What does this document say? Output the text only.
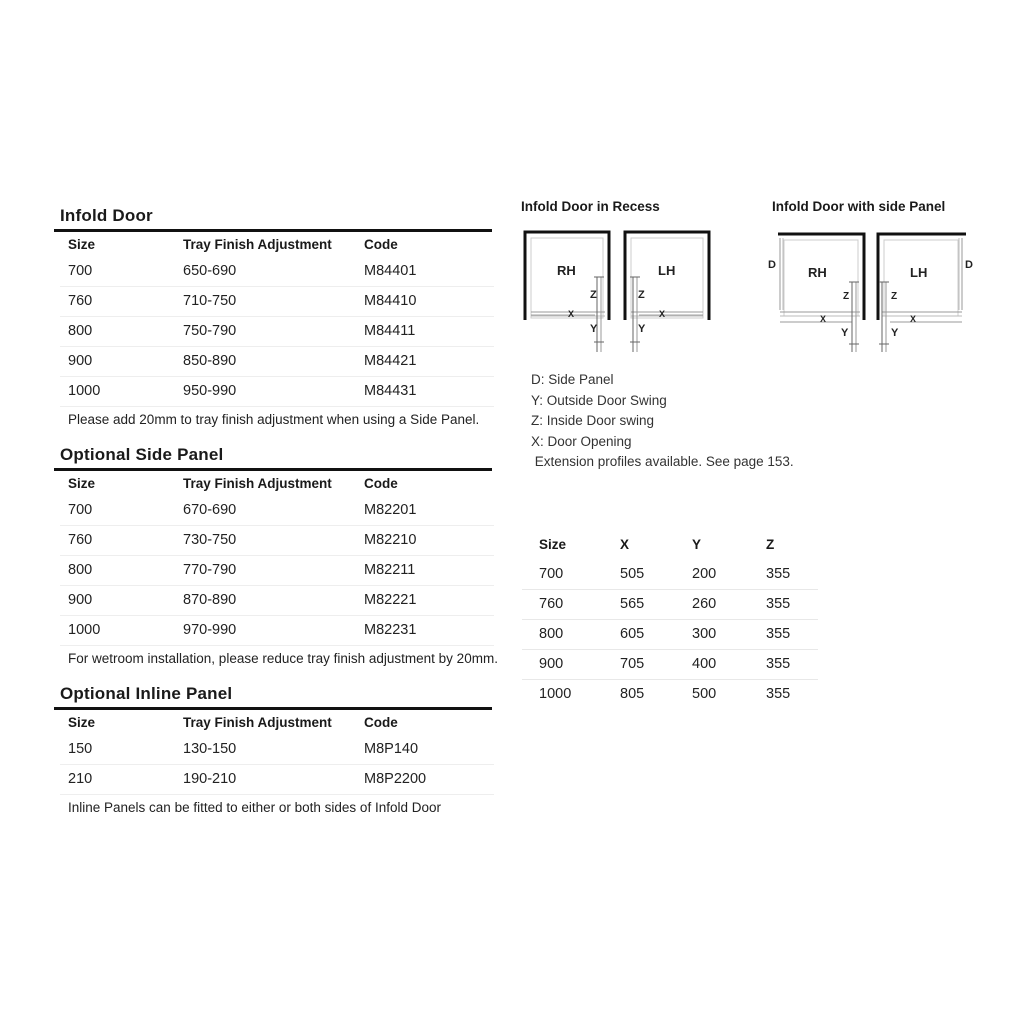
Infold Door
Size	Tray Finish Adjustment	Code
700	650-690	M84401
760	710-750	M84410
800	750-790	M84411
900	850-890	M84421
1000	950-990	M84431
Please add 20mm to tray finish adjustment when using a Side Panel.
Optional Side Panel
Size	Tray Finish Adjustment	Code
700	670-690	M82201
760	730-750	M82210
800	770-790	M82211
900	870-890	M82221
1000	970-990	M82231
For wetroom installation, please reduce tray finish adjustment by 20mm.
Optional Inline Panel
Size	Tray Finish Adjustment	Code
150	130-150	M8P140
210	190-210	M8P2200
Inline Panels can be fitted to either or both sides of Infold Door
Infold Door in Recess	Infold Door with side Panel
RH	LH
Z	Z
X	X
Y	Y
D	D
RH	LH
Z	Z
X	X
Y	Y
D: Side Panel
Y: Outside Door Swing
Z: Inside Door swing
X: Door Opening
Extension profiles available. See page 153.
Size	X	Y	Z
700	505	200	355
760	565	260	355
800	605	300	355
900	705	400	355
1000	805	500	355
